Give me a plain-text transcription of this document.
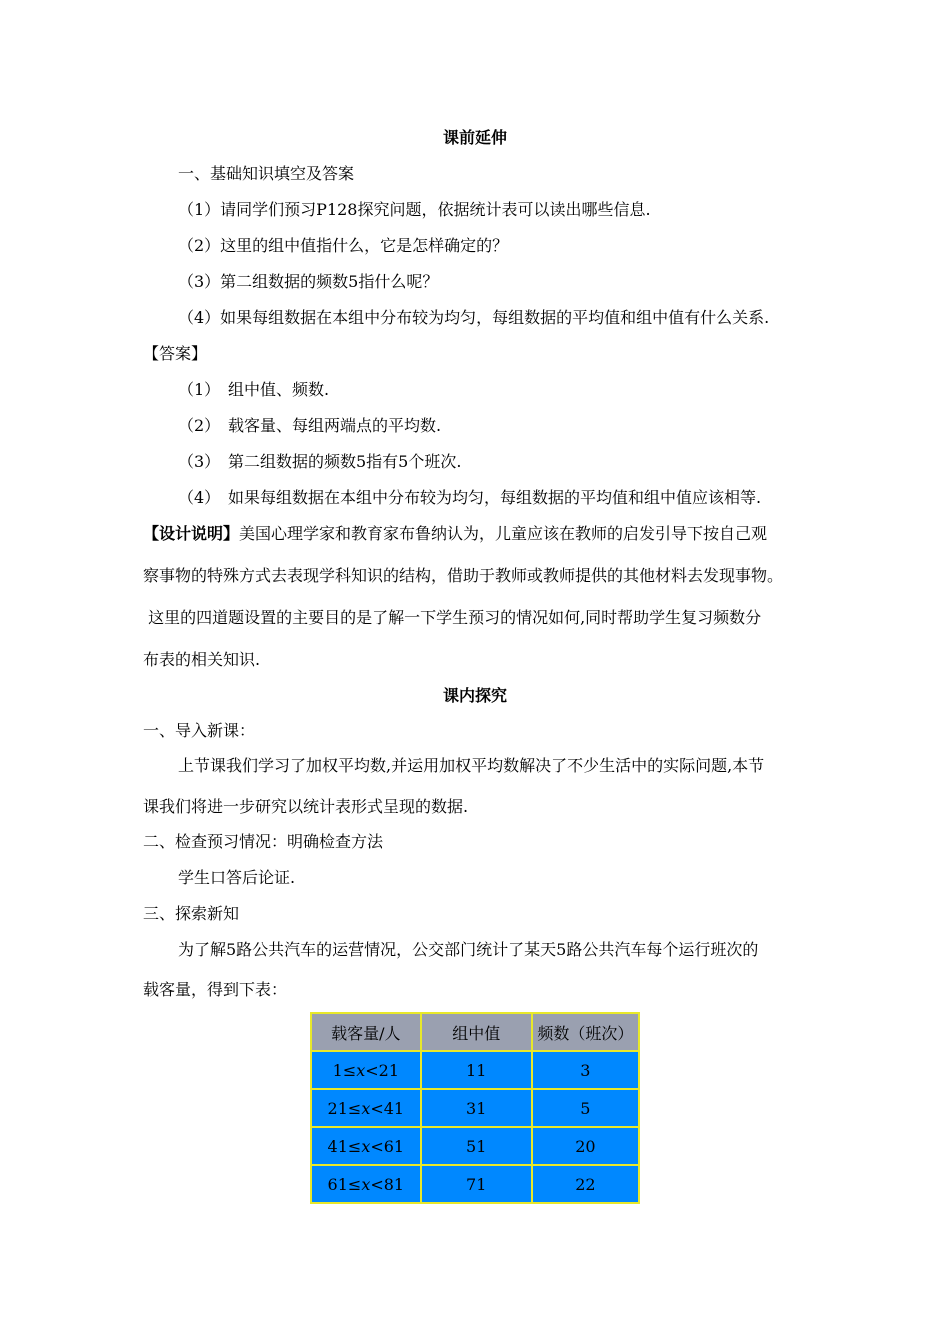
课前延伸
一、基础知识填空及答案
（1）请同学们预习P128探究问题，依据统计表可以读出哪些信息.
（2）这里的组中值指什么，它是怎样确定的？
（3）第二组数据的频数5指什么呢？
（4）如果每组数据在本组中分布较为均匀，每组数据的平均值和组中值有什么关系.
【答案】
（1） 组中值、频数.
（2） 载客量、每组两端点的平均数.
（3） 第二组数据的频数5指有5个班次.
（4） 如果每组数据在本组中分布较为均匀，每组数据的平均值和组中值应该相等.
【设计说明】美国心理学家和教育家布鲁纳认为，儿童应该在教师的启发引导下按自己观
察事物的特殊方式去表现学科知识的结构，借助于教师或教师提供的其他材料去发现事物。
这里的四道题设置的主要目的是了解一下学生预习的情况如何,同时帮助学生复习频数分
布表的相关知识.
课内探究
一、导入新课：
上节课我们学习了加权平均数,并运用加权平均数解决了不少生活中的实际问题,本节
课我们将进一步研究以统计表形式呈现的数据.
二、检查预习情况：明确检查方法
学生口答后论证.
三、探索新知
为了解5路公共汽车的运营情况，公交部门统计了某天5路公共汽车每个运行班次的
载客量，得到下表：
载客量/人	组中值	频数（班次）
1≤x<21	11	3
21≤x<41	31	5
41≤x<61	51	20
61≤x<81	71	22
